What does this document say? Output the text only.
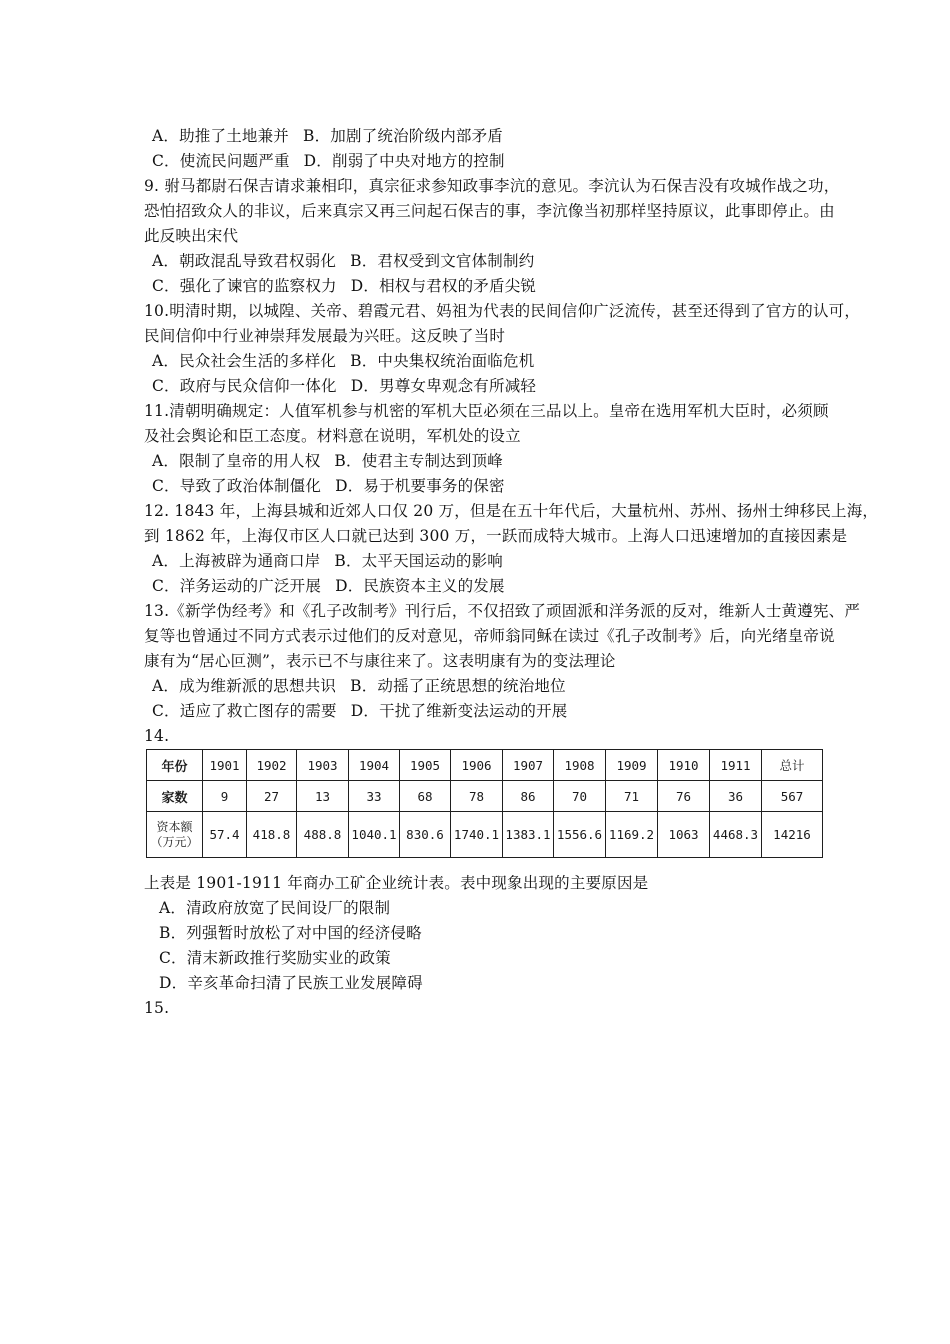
A．助推了土地兼并 B．加剧了统治阶级内部矛盾
C．使流民问题严重 D．削弱了中央对地方的控制
9. 驸马都尉石保吉请求兼相印，真宗征求参知政事李沆的意见。李沆认为石保吉没有攻城作战之功，
恐怕招致众人的非议，后来真宗又再三问起石保吉的事，李沆像当初那样坚持原议，此事即停止。由
此反映出宋代
A．朝政混乱导致君权弱化 B．君权受到文官体制制约
C．强化了谏官的监察权力 D．相权与君权的矛盾尖锐
10.明清时期，以城隍、关帝、碧霞元君、妈祖为代表的民间信仰广泛流传，甚至还得到了官方的认可，
民间信仰中行业神崇拜发展最为兴旺。这反映了当时
A．民众社会生活的多样化 B．中央集权统治面临危机
C．政府与民众信仰一体化 D．男尊女卑观念有所减轻
11.清朝明确规定：人值军机参与机密的军机大臣必须在三品以上。皇帝在选用军机大臣时，必须顾
及社会舆论和臣工态度。材料意在说明，军机处的设立
A．限制了皇帝的用人权 B．使君主专制达到顶峰
C．导致了政治体制僵化 D．易于机要事务的保密
12. 1843 年，上海县城和近郊人口仅 20 万，但是在五十年代后，大量杭州、苏州、扬州士绅移民上海，
到 1862 年，上海仅市区人口就已达到 300 万，一跃而成特大城市。上海人口迅速增加的直接因素是
A．上海被辟为通商口岸 B．太平天国运动的影响
C．洋务运动的广泛开展 D．民族资本主义的发展
13.《新学伪经考》和《孔子改制考》刊行后，不仅招致了顽固派和洋务派的反对，维新人士黄遵宪、严
复等也曾通过不同方式表示过他们的反对意见，帝师翁同稣在读过《孔子改制考》后，向光绪皇帝说
康有为“居心叵测”，表示已不与康往来了。这表明康有为的变法理论
A．成为维新派的思想共识 B．动摇了正统思想的统治地位
C．适应了救亡图存的需要 D．干扰了维新变法运动的开展
14.
年份	1901	1902	1903	1904	1905	1906	1907	1908	1909	1910	1911	总计
家数	9	27	13	33	68	78	86	70	71	76	36	567
资本额（万元）	57.4	418.8	488.8	1040.1	830.6	1740.1	1383.1	1556.6	1169.2	1063	4468.3	14216
上表是 1901-1911 年商办工矿企业统计表。表中现象出现的主要原因是
A．清政府放宽了民间设厂的限制
B．列强暂时放松了对中国的经济侵略
C．清末新政推行奖励实业的政策
D．辛亥革命扫清了民族工业发展障碍
15.
